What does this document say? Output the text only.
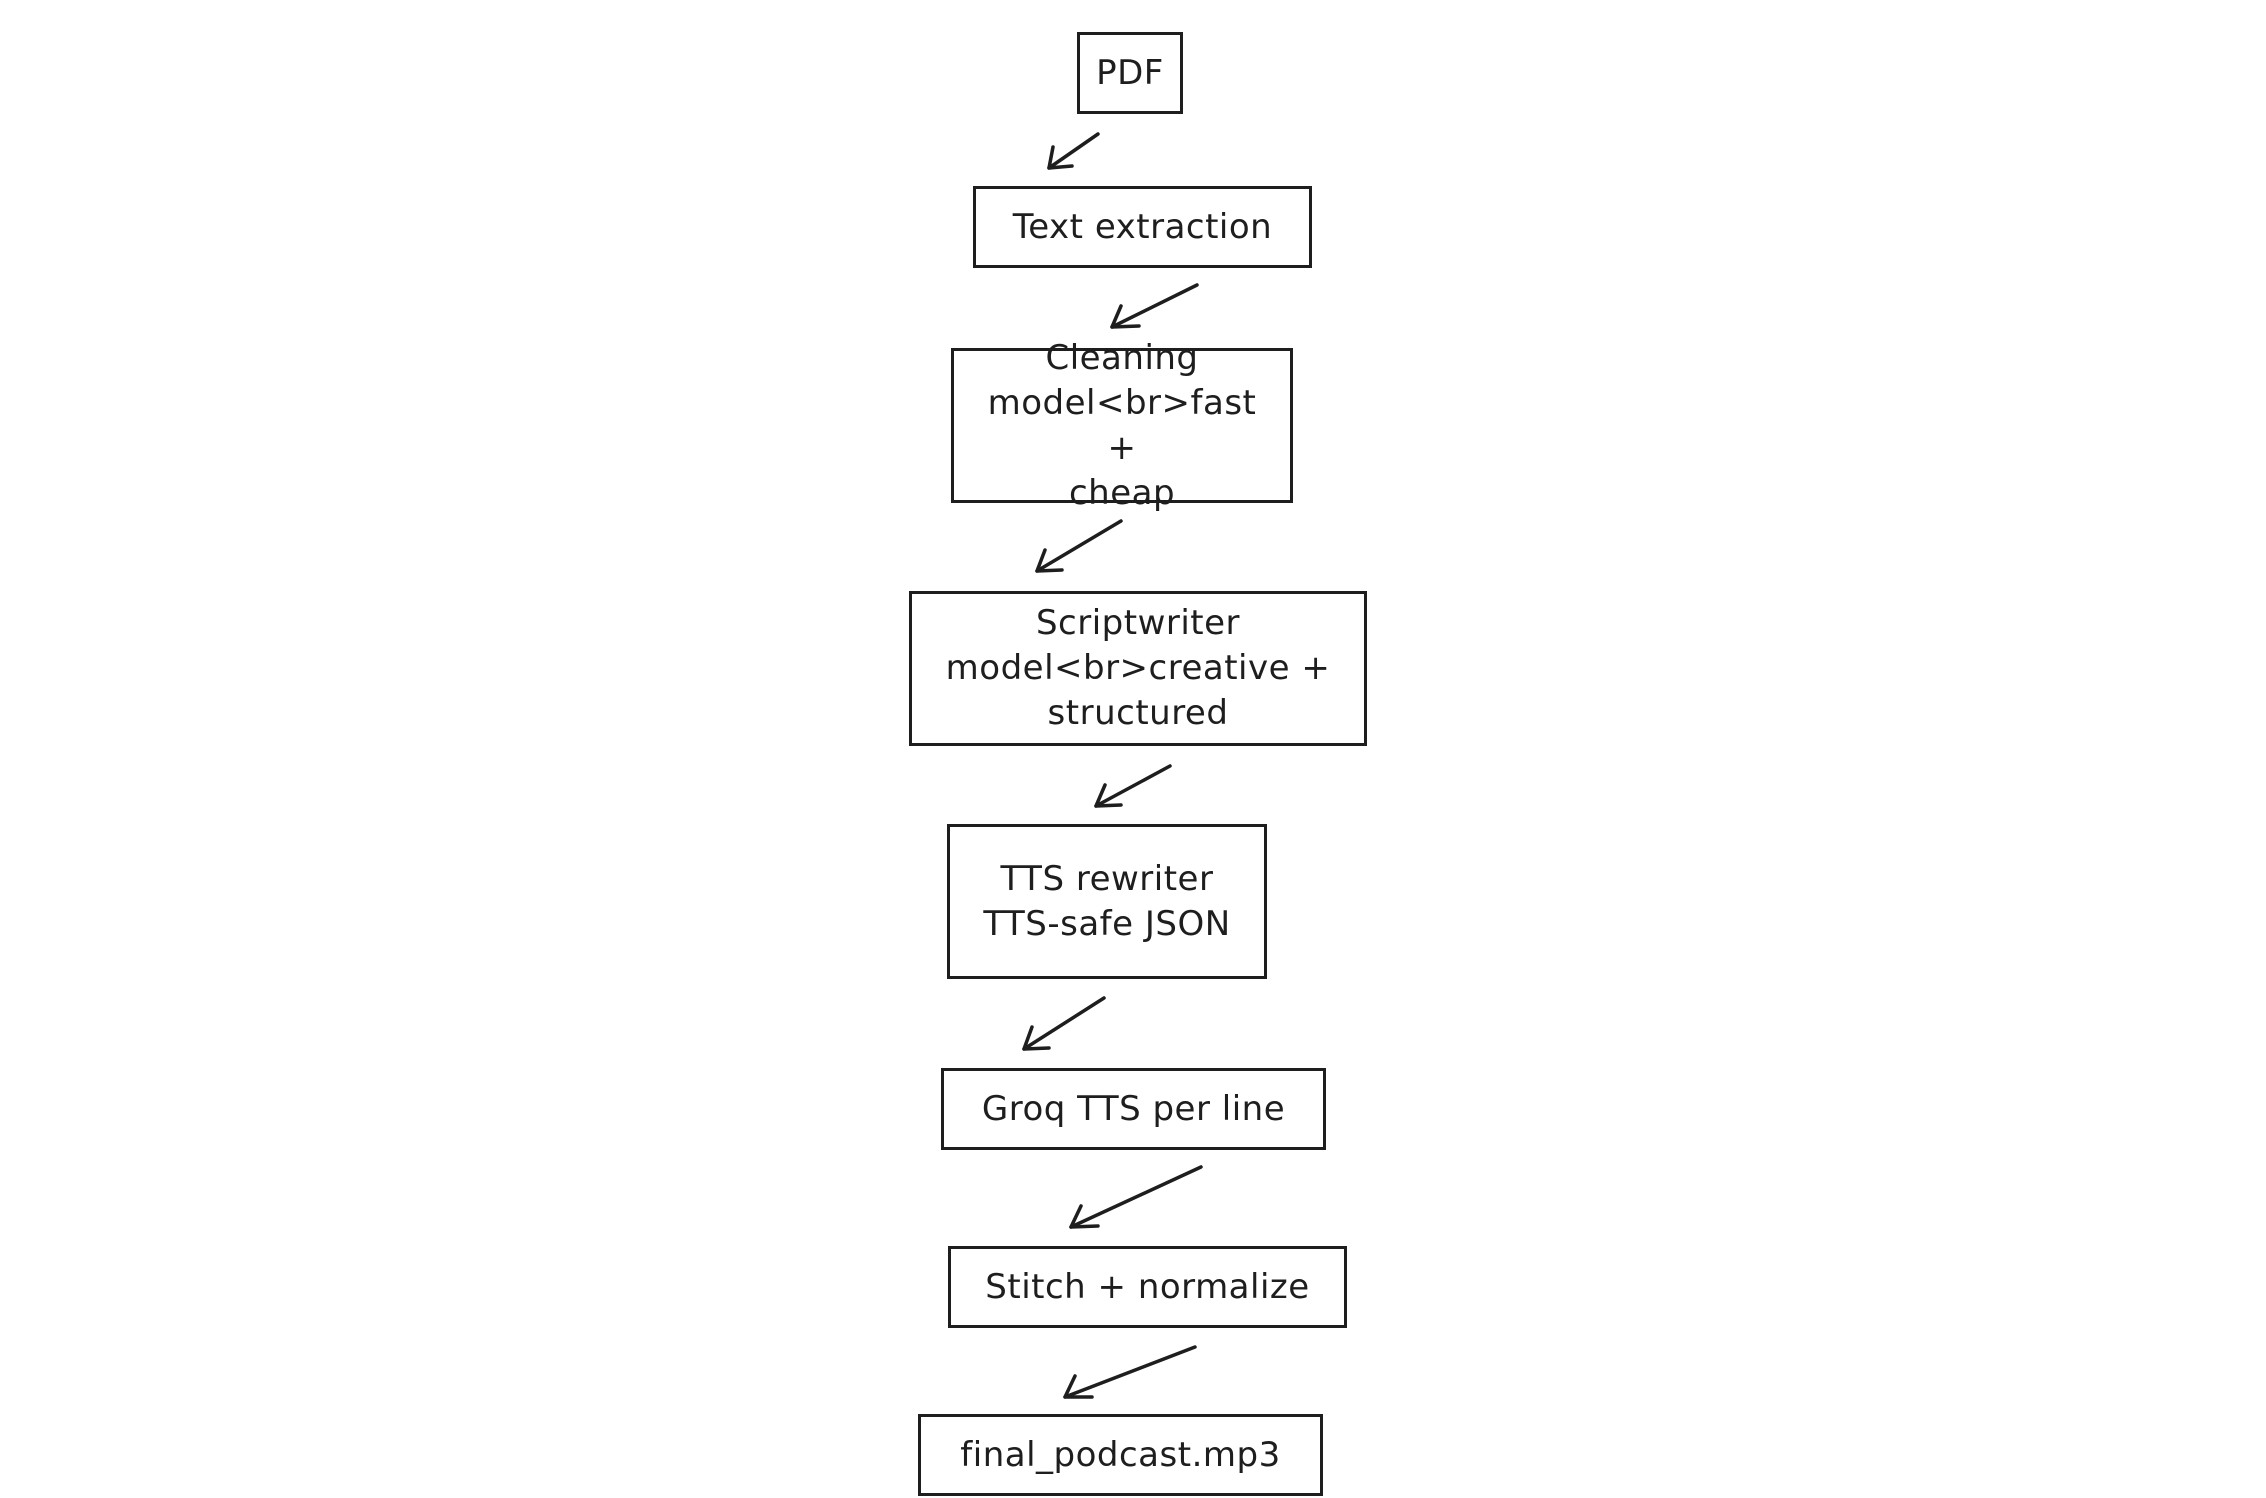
PDF
Text extraction
Cleaning
model<br>fast +
cheap
Scriptwriter
model<br>creative +
structured
TTS rewriter
TTS-safe JSON
Groq TTS per line
Stitch + normalize
final_podcast.mp3
